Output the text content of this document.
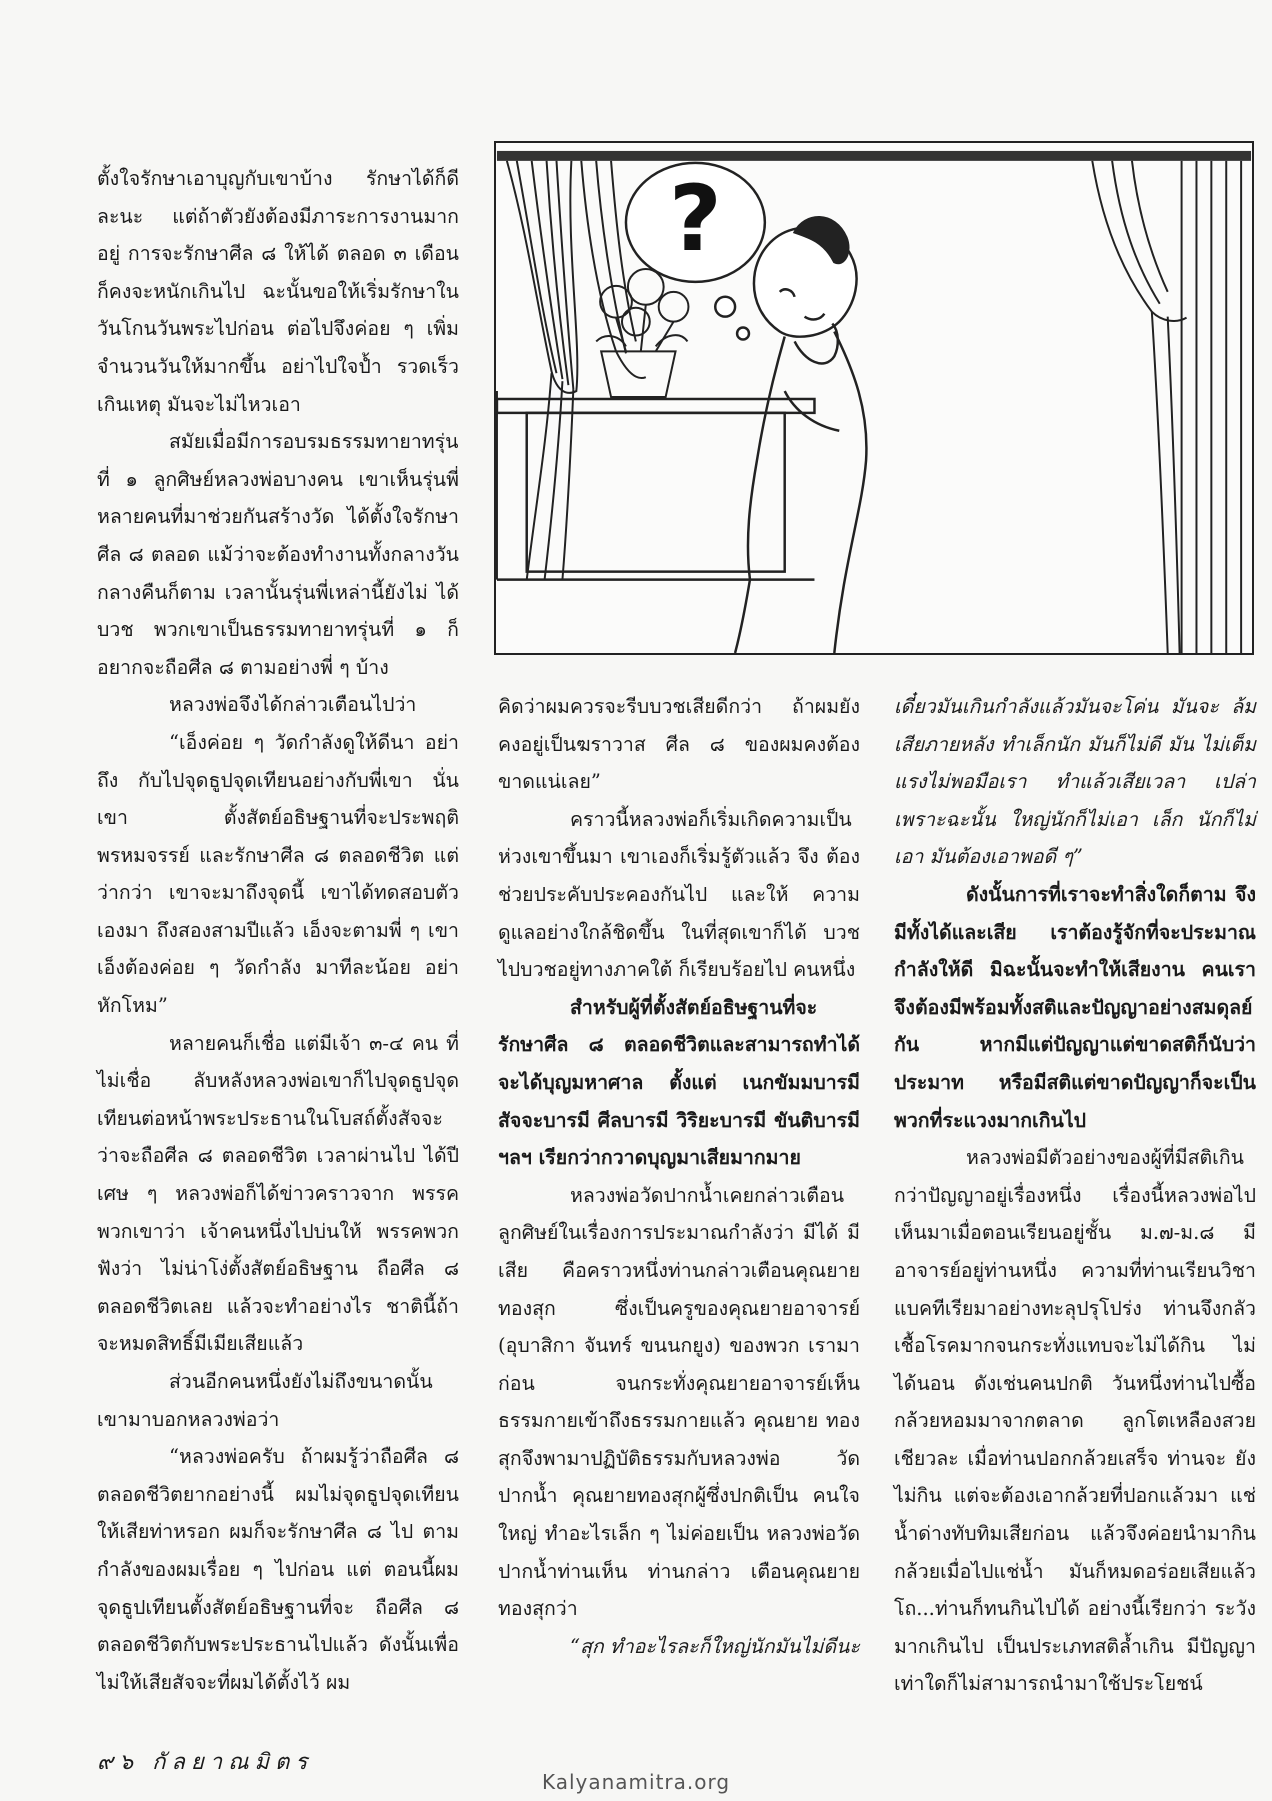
ตั้งใจรักษาเอาบุญกับเขาบ้าง รักษาได้ก็ดี ละนะ แต่ถ้าตัวยังต้องมีภาระการงานมากอยู่ การจะรักษาศีล ๘ ให้ได้ ตลอด ๓ เดือน ก็คงจะหนักเกินไป ฉะนั้นขอให้เริ่มรักษาใน วันโกนวันพระไปก่อน ต่อไปจึงค่อย ๆ เพิ่มจำนวนวันให้มากขึ้น อย่าไปใจป้ำ รวดเร็วเกินเหตุ มันจะไม่ไหวเอา

สมัยเมื่อมีการอบรมธรรมทายาทรุ่นที่ ๑ ลูกศิษย์หลวงพ่อบางคน เขาเห็นรุ่นพี่ หลายคนที่มาช่วยกันสร้างวัด ได้ตั้งใจรักษาศีล ๘ ตลอด แม้ว่าจะต้องทำงานทั้งกลางวัน กลางคืนก็ตาม เวลานั้นรุ่นพี่เหล่านี้ยังไม่ ได้บวช พวกเขาเป็นธรรมทายาทรุ่นที่ ๑ ก็อยากจะถือศีล ๘ ตามอย่างพี่ ๆ บ้าง

หลวงพ่อจึงได้กล่าวเตือนไปว่า

“เอ็งค่อย ๆ วัดกำลังดูให้ดีนา อย่าถึง กับไปจุดธูปจุดเทียนอย่างกับพี่เขา นั่นเขา ตั้งสัตย์อธิษฐานที่จะประพฤติพรหมจรรย์ และรักษาศีล ๘ ตลอดชีวิต แต่ว่ากว่า เขาจะมาถึงจุดนี้ เขาได้ทดสอบตัวเองมา ถึงสองสามปีแล้ว เอ็งจะตามพี่ ๆ เขา เอ็งต้องค่อย ๆ วัดกำลัง มาทีละน้อย อย่าหักโหม”

หลายคนก็เชื่อ แต่มีเจ้า ๓-๔ คน ที่ไม่เชื่อ ลับหลังหลวงพ่อเขาก็ไปจุดธูปจุด เทียนต่อหน้าพระประธานในโบสถ์ตั้งสัจจะ ว่าจะถือศีล ๘ ตลอดชีวิต เวลาผ่านไป ได้ปีเศษ ๆ หลวงพ่อก็ได้ข่าวคราวจาก พรรคพวกเขาว่า เจ้าคนหนึ่งไปบ่นให้ พรรคพวกฟังว่า ไม่น่าโง่ตั้งสัตย์อธิษฐาน ถือศีล ๘ ตลอดชีวิตเลย แล้วจะทำอย่างไร ชาตินี้ถ้าจะหมดสิทธิ์มีเมียเสียแล้ว

ส่วนอีกคนหนึ่งยังไม่ถึงขนาดนั้น เขามาบอกหลวงพ่อว่า

“หลวงพ่อครับ ถ้าผมรู้ว่าถือศีล ๘ ตลอดชีวิตยากอย่างนี้ ผมไม่จุดธูปจุดเทียน ให้เสียท่าหรอก ผมก็จะรักษาศีล ๘ ไป ตามกำลังของผมเรื่อย ๆ ไปก่อน แต่ ตอนนี้ผมจุดธูปเทียนตั้งสัตย์อธิษฐานที่จะ ถือศีล ๘ ตลอดชีวิตกับพระประธานไปแล้ว ดังนั้นเพื่อไม่ให้เสียสัจจะที่ผมได้ตั้งไว้ ผม

?

คิดว่าผมควรจะรีบบวชเสียดีกว่า ถ้าผมยัง คงอยู่เป็นฆราวาส ศีล ๘ ของผมคงต้อง ขาดแน่เลย”

คราวนี้หลวงพ่อก็เริ่มเกิดความเป็น ห่วงเขาขึ้นมา เขาเองก็เริ่มรู้ตัวแล้ว จึง ต้องช่วยประคับประคองกันไป และให้ ความดูแลอย่างใกล้ชิดขึ้น ในที่สุดเขาก็ได้ บวช ไปบวชอยู่ทางภาคใต้ ก็เรียบร้อยไป คนหนึ่ง

สำหรับผู้ที่ตั้งสัตย์อธิษฐานที่จะ รักษาศีล ๘ ตลอดชีวิตและสามารถทำได้ จะได้บุญมหาศาล ตั้งแต่ เนกขัมมบารมี สัจจะบารมี ศีลบารมี วิริยะบารมี ขันติบารมี ฯลฯ เรียกว่ากวาดบุญมาเสียมากมาย

หลวงพ่อวัดปากน้ำเคยกล่าวเตือน ลูกศิษย์ในเรื่องการประมาณกำลังว่า มีได้ มีเสีย คือคราวหนึ่งท่านกล่าวเตือนคุณยาย ทองสุก ซึ่งเป็นครูของคุณยายอาจารย์ (อุบาสิกา จันทร์ ขนนกยูง) ของพวก เรามาก่อน จนกระทั่งคุณยายอาจารย์เห็น ธรรมกายเข้าถึงธรรมกายแล้ว คุณยาย ทองสุกจึงพามาปฏิบัติธรรมกับหลวงพ่อ วัดปากน้ำ คุณยายทองสุกผู้ซึ่งปกติเป็น คนใจใหญ่ ทำอะไรเล็ก ๆ ไม่ค่อยเป็น หลวงพ่อวัดปากน้ำท่านเห็น ท่านกล่าว เตือนคุณยายทองสุกว่า

“สุก ทำอะไรละก็ใหญ่นักมันไม่ดีนะ

เดี๋ยวมันเกินกำลังแล้วมันจะโค่น มันจะ ล้มเสียภายหลัง ทำเล็กนัก มันก็ไม่ดี มัน ไม่เต็มแรงไม่พอมือเรา ทำแล้วเสียเวลา เปล่าเพราะฉะนั้น ใหญ่นักก็ไม่เอา เล็ก นักก็ไม่เอา มันต้องเอาพอดี ๆ”

ดังนั้นการที่เราจะทำสิ่งใดก็ตาม จึง มีทั้งได้และเสีย เราต้องรู้จักที่จะประมาณ กำลังให้ดี มิฉะนั้นจะทำให้เสียงาน คนเรา จึงต้องมีพร้อมทั้งสติและปัญญาอย่างสมดุลย์ กัน หากมีแต่ปัญญาแต่ขาดสติก็นับว่า ประมาท หรือมีสติแต่ขาดปัญญาก็จะเป็น พวกที่ระแวงมากเกินไป

หลวงพ่อมีตัวอย่างของผู้ที่มีสติเกิน กว่าปัญญาอยู่เรื่องหนึ่ง เรื่องนี้หลวงพ่อไป เห็นมาเมื่อตอนเรียนอยู่ชั้น ม.๗-ม.๘ มี อาจารย์อยู่ท่านหนึ่ง ความที่ท่านเรียนวิชา แบคทีเรียมาอย่างทะลุปรุโปร่ง ท่านจึงกลัว เชื้อโรคมากจนกระทั่งแทบจะไม่ได้กิน ไม่ ได้นอน ดังเช่นคนปกติ วันหนึ่งท่านไปซื้อ กล้วยหอมมาจากตลาด ลูกโตเหลืองสวย เชียวละ เมื่อท่านปอกกล้วยเสร็จ ท่านจะ ยังไม่กิน แต่จะต้องเอากล้วยที่ปอกแล้วมา แช่น้ำด่างทับทิมเสียก่อน แล้วจึงค่อยนำมากิน กล้วยเมื่อไปแช่น้ำ มันก็หมดอร่อยเสียแล้ว โถ...ท่านก็ทนกินไปได้ อย่างนี้เรียกว่า ระวังมากเกินไป เป็นประเภทสติล้ำเกิน มีปัญญาเท่าใดก็ไม่สามารถนำมาใช้ประโยชน์

๙๖ กัลยาณมิตร
Kalyanamitra.org
